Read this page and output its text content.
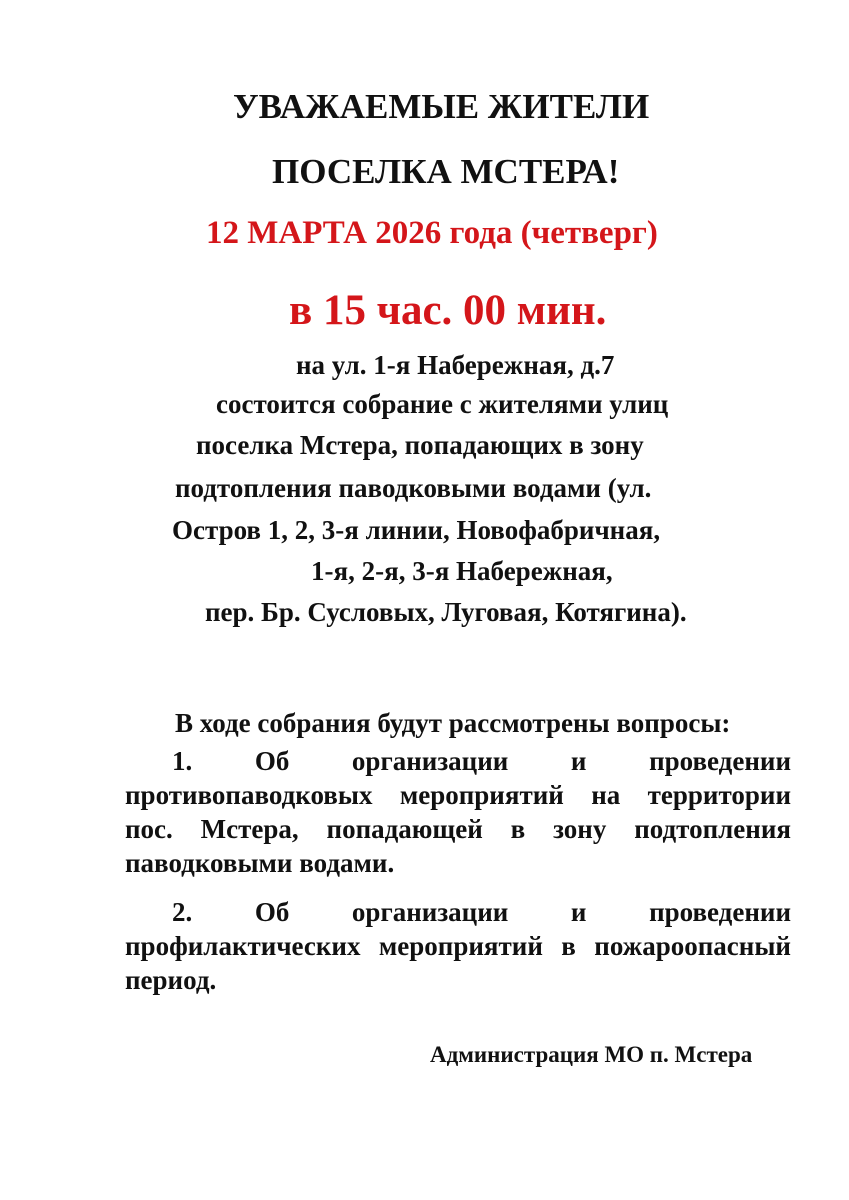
УВАЖАЕМЫЕ ЖИТЕЛИ
ПОСЕЛКА МСТЕРА!
12 МАРТА 2026 года (четверг)
в 15 час. 00 мин.
на ул. 1-я Набережная, д.7
состоится собрание с жителями улиц
поселка Мстера, попадающих в зону
подтопления паводковыми водами (ул.
Остров 1, 2, 3-я линии, Новофабричная,
1-я, 2-я, 3-я Набережная,
пер. Бр. Сусловых, Луговая, Котягина).
В ходе собрания будут рассмотрены вопросы:
1. Об организации и проведении
противопаводковых мероприятий на территории
пос. Мстера, попадающей в зону подтопления
паводковыми водами.
2. Об организации и проведении
профилактических мероприятий в пожароопасный
период.
Администрация МО п. Мстера
